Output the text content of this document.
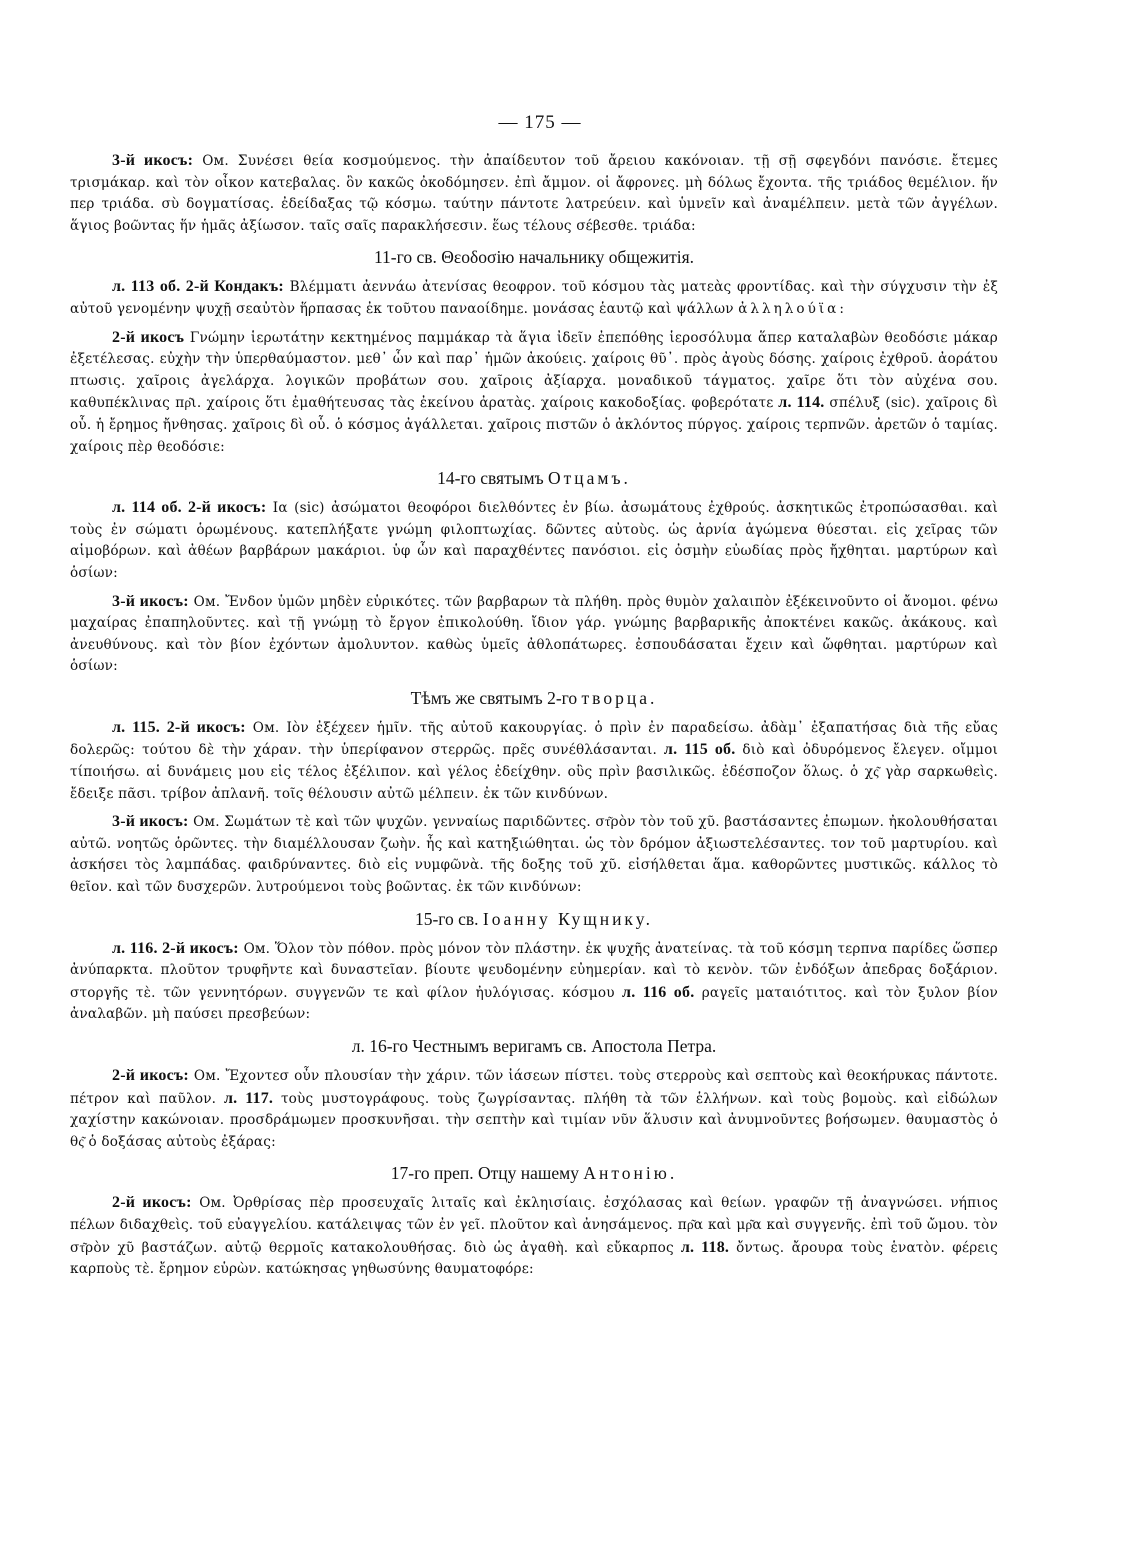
— 175 —

3-й икосъ: Ом. Συνέσει θεία κοσμούμενος. τὴν ἀπαίδευτον τοῦ ἄρειου κακόνοιαν. τῇ σῇ σφεγδόνι πανόσιε. ἔτεμες τρισμάκαρ. καὶ τὸν οἶκον κατεβαλας. ὃν κακῶς ὀκοδόμησεν. ἐπὶ ἄμμον. οἱ ἄφρονες. μὴ δόλως ἔχοντα. τῆς τριάδος θεμέλιον. ἥν περ τριάδα. σὺ δογματίσας. ἐδείδαξας τῷ κόσμω. ταύτην πάντοτε λατρεύειν. καὶ ὑμνεῖν καὶ ἀναμέλπειν. μετὰ τῶν ἀγγέλων. ἅγιος βοῶντας ἥν ἡμᾶς ἀξίωσον. ταῖς σαῖς παρακλήσεσιν. ἕως τέλους σέβεσθε. τριάδα:

11-го св. Θεοδοσію начальнику общежитія.

л. 113 об. 2-й Кондакъ: Βλέμματι ἀεννάω ἀτενίσας θεοφρον. τοῦ κόσμου τὰς ματεὰς φροντίδας. καὶ τὴν σύγχυσιν τὴν ἐξ αὐτοῦ γενομένην ψυχῇ σεαὐτὸν ἥρπασας ἐκ τοῦτου παναοίδημε. μονάσας ἑαυτῷ καὶ ψάλλων ἀλληλούϊα:

2-й икосъ Γνώμην ἱερωτάτην κεκτημένος παμμάκαρ τὰ ἅγια ἰδεῖν ἐπεπόθης ἱεροσόλυμα ἅπερ καταλαβὼν θεοδόσιε μάκαρ ἐξετέλεσας. εὐχὴν τὴν ὑπερθαύμαστον. μεθ᾽ ὧν καὶ παρ᾽ ἡμῶν ἀκούεις. χαίροις θῦ᾽. πρὸς ἀγοὺς δόσης. χαίροις ἐχθροῦ. ἀοράτου πτωσις. χαῖροις ἀγελάρχα. λογικῶν προβάτων σου. χαῖροις ἀξίαρχα. μοναδικοῦ τάγματος. χαῖρε ὅτι τὸν αὐχένα σου. καθυπέκλινας πρ͂ι. χαίροις ὅτι ἐμαθήτευσας τὰς ἐκείνου ἀρατὰς. χαίροις κακοδοξίας. φοβερότατε л. 114. σπέλυξ (sic). χαῖροις δὶ οὗ. ἡ ἔρημος ἤνθησας. χαῖροις δὶ οὗ. ὁ κόσμος ἀγάλλεται. χαῖροις πιστῶν ὁ ἀκλόντος πύργος. χαίροις τερπνῶν. ἀρετῶν ὁ ταμίας. χαίροις πὲρ θεοδόσιε:

14-го святымъ Отцамъ.

л. 114 об. 2-й икосъ: Ια (sic) ἀσώματοι θεοφόροι διελθόντες ἐν βίω. ἀσωμάτους ἐχθρούς. ἀσκητικῶς ἐτροπώσασθαι. καὶ τοὺς ἐν σώματι ὁρωμένους. κατεπλήξατε γνώμη φιλοπτωχίας. δῶντες αὐτοὺς. ὡς ἀρνία ἀγώμενα θύεσται. εἰς χεῖρας τῶν αἱμοβόρων. καὶ ἀθέων βαρβάρων μακάριοι. ὑφ ὧν καὶ παραχθέντες πανόσιοι. εἰς ὀσμὴν εὐωδίας πρὸς ἤχθηται. μαρτύρων καὶ ὁσίων:

3-й икосъ: Ом. Ἔνδον ὑμῶν μηδὲν εὑρικότες. τῶν βαρβαρων τὰ πλήθη. πρὸς θυμὸν χαλαιπὸν ἐξέκεινοῦντο οἱ ἄνομοι. φένω μαχαίρας ἐπαπηλοῦντες. καὶ τῇ γνώμῃ τὸ ἔργον ἐπικολούθη. ἴδιον γάρ. γνώμης βαρβαρικῆς ἀποκτένει κακῶς. ἀκάκους. καὶ ἀνευθύνους. καὶ τὸν βίον ἐχόντων ἀμολυντον. καθὼς ὑμεῖς ἀθλοπάτωρες. ἐσπουδάσαται ἔχειν καὶ ὤφθηται. μαρτύρων καὶ ὁσίων:

Тѣмъ же святымъ 2-го творца.

л. 115. 2-й икосъ: Ом. Ιὸν ἐξέχεεν ἡμῖν. τῆς αὐτοῦ κακουργίας. ὁ πρὶν ἐν παραδείσω. ἀδὰμ᾽ ἐξαπατήσας διὰ τῆς εὔας δολερῶς: τούτου δὲ τὴν χάραν. τὴν ὑπερίφανον στερρῶς. πρε̃ς συνέθλάσανται. л. 115 об. διὸ καὶ ὀδυρόμενος ἔλεγεν. οἴμμοι τίποιήσω. αἱ δυνάμεις μου εἰς τέλος ἐξέλιπον. καὶ γέλος ἐδείχθην. οὓς πρὶν βασιλικῶς. ἐδέσποζον ὅλως. ὁ χς͂ γὰρ σαρκωθεὶς. ἔδειξε πᾶσι. τρίβον ἀπλανῆ. τοῖς θέλουσιν αὐτῶ μέλπειν. ἐκ τῶν κινδύνων.

3-й икосъ: Ом. Σωμάτων τὲ καὶ τῶν ψυχῶν. γενναίως παριδῶντες. στ͂ρὸν τὸν τοῦ χῦ. βαστάσαντες ἐπωμων. ἠκολουθήσαται αὐτῶ. νοητῶς ὁρῶντες. τὴν διαμέλλουσαν ζωὴν. ἧς καὶ κατηξιώθηται. ὡς τὸν δρόμον ἀξιωστελέσαντες. τον τοῦ μαρτυρίου. καὶ ἀσκήσει τὸς λαμπάδας. φαιδρύναντες. διὸ εἰς νυμφῶνὰ. τῆς δοξης τοῦ χῦ. εἰσήλθεται ἅμα. καθορῶντες μυστικῶς. κάλλος τὸ θεῖον. καὶ τῶν δυσχερῶν. λυτρούμενοι τοὺς βοῶντας. ἐκ τῶν κινδύνων:

15-го св. Іоанну Кущнику.

л. 116. 2-й икосъ: Ом. Ὅλον τὸν πόθον. πρὸς μόνον τὸν πλάστην. ἐκ ψυχῆς ἀνατείνας. τὰ τοῦ κόσμη τερπνα παρίδες ὥσπερ ἀνύπαρκτα. πλοῦτον τρυφῆντε καὶ δυναστεῖαν. βίουτε ψευδομένην εὐημερίαν. καὶ τὸ κενὸν. τῶν ἐνδόξων ἀπεδρας δοξάριον. στοργῆς τὲ. τῶν γεννητόρων. συγγενῶν τε καὶ φίλον ἠυλόγισας. κόσμου л. 116 об. ραγεῖς ματαιότιτος. καὶ τὸν ξυλον βίον ἀναλαβῶν. μὴ παύσει πρεσβεύων:

л. 16-го Честнымъ веригамъ св. Апостола Петра.

2-й икосъ: Ом. Ἔχοντεσ οὖν πλουσίαν τὴν χάριν. τῶν ἰάσεων πίστει. τοὺς στερροὺς καὶ σεπτοὺς καὶ θεοκήρυκας πάντοτε. πέτρον καὶ παῦλον. л. 117. τοὺς μυστογράφους. τοὺς ζωγρίσαντας. πλήθη τὰ τῶν ἑλλήνων. καὶ τοὺς βομοὺς. καὶ εἰδώλων χαχίστην κακώνοιαν. προσδράμωμεν προσκυνῆσαι. τὴν σεπτὴν καὶ τιμίαν νῦν ἅλυσιν καὶ ἀνυμνοῦντες βοήσωμεν. θαυμαστὸς ὁ θς͂ ὁ δοξάσας αὐτοὺς ἐξάρας:

17-го преп. Отцу нашему Антонію.

2-й икосъ: Ом. Ὀρθρίσας πὲρ προσευχαῖς λιταῖς καὶ ἐκληισίαις. ἐσχόλασας καὶ θείων. γραφῶν τῇ ἀναγνώσει. νήπιος πέλων διδαχθεὶς. τοῦ εὐαγγελίου. κατάλειψας τῶν ἐν γεῖ. πλοῦτον καὶ ἀνησάμενος. πρ͂α καὶ μρ͂α καὶ συγγενῆς. ἐπὶ τοῦ ὤμου. τὸν στ͂ρὸν χῦ βαστάζων. αὐτῷ θερμοῖς κατακολουθήσας. διὸ ὡς ἀγαθὴ. καὶ εὔκαρπος л. 118. ὄντως. ἄρουρα τοὺς ἑνατὸν. φέρεις καρποὺς τὲ. ἔρημον εὑρὼν. κατώκησας γηθωσύνης θαυματοφόρε:
